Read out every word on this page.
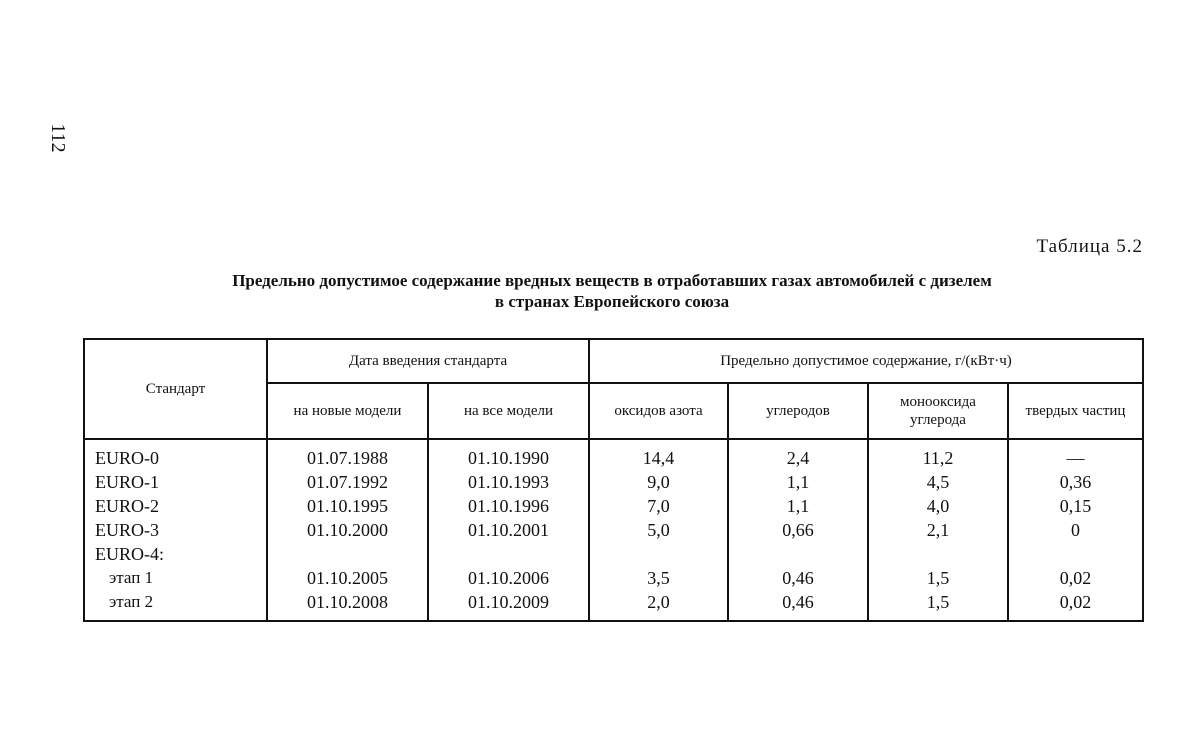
112
Таблица 5.2
Предельно допустимое содержание вредных веществ в отработавших газах автомобилей с дизелем
в странах Европейского союза
Стандарт	Дата введения стандарта		Предельно допустимое содержание, г/(кВт·ч)			
	на новые модели	на все модели	оксидов азота	углеродов	монооксида углерода	твердых частиц
EURO-0	01.07.1988	01.10.1990	14,4	2,4	11,2	—
EURO-1	01.07.1992	01.10.1993	9,0	1,1	4,5	0,36
EURO-2	01.10.1995	01.10.1996	7,0	1,1	4,0	0,15
EURO-3	01.10.2000	01.10.2001	5,0	0,66	2,1	0
EURO-4:						
этап 1	01.10.2005	01.10.2006	3,5	0,46	1,5	0,02
этап 2	01.10.2008	01.10.2009	2,0	0,46	1,5	0,02
